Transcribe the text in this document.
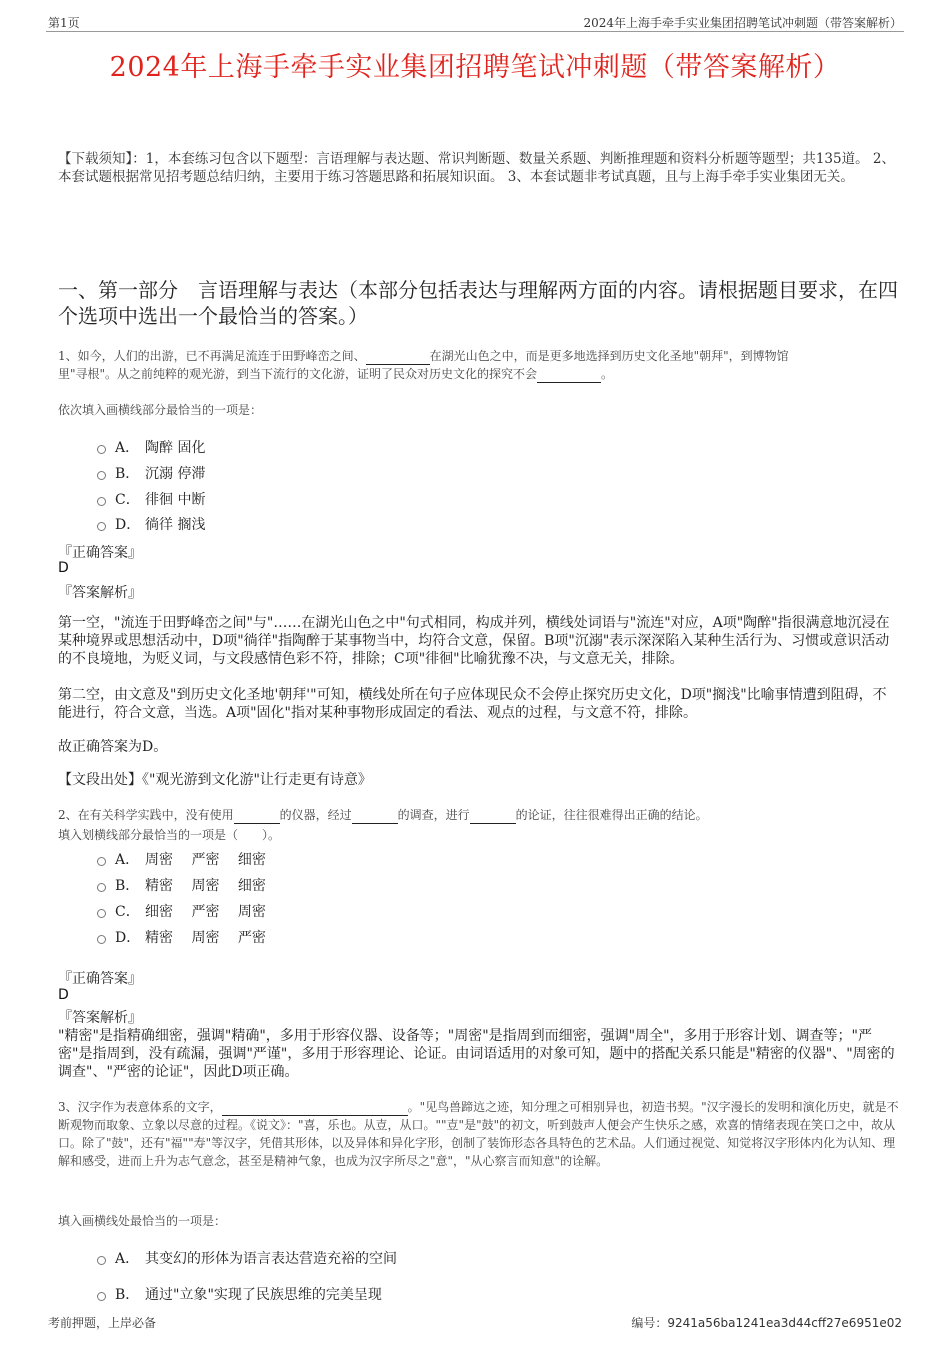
第1页	2024年上海手牵手实业集团招聘笔试冲刺题（带答案解析）
2024年上海手牵手实业集团招聘笔试冲刺题（带答案解析）
【下载须知】：1，本套练习包含以下题型：言语理解与表达题、常识判断题、数量关系题、判断推理题和资料分析题等题型；共135道。 2、本套试题根据常见招考题总结归纳，主要用于练习答题思路和拓展知识面。 3、本套试题非考试真题，且与上海手牵手实业集团无关。
一、第一部分　言语理解与表达（本部分包括表达与理解两方面的内容。请根据题目要求，在四个选项中选出一个最恰当的答案。）
1、如今，人们的出游，已不再满足流连于田野峰峦之间、	在湖光山色之中，而是更多地选择到历史文化圣地"朝拜"，到博物馆
里"寻根"。从之前纯粹的观光游，到当下流行的文化游，证明了民众对历史文化的探究不会	。
依次填入画横线部分最恰当的一项是：
A． 陶醉 固化
B． 沉溺 停滞
C． 徘徊 中断
D． 徜徉 搁浅
『正确答案』
D
『答案解析』
第一空，"流连于田野峰峦之间"与"……在湖光山色之中"句式相同，构成并列，横线处词语与"流连"对应，A项"陶醉"指很满意地沉浸在某种境界或思想活动中，D项"徜徉"指陶醉于某事物当中，均符合文意，保留。B项"沉溺"表示深深陷入某种生活行为、习惯或意识活动的不良境地，为贬义词，与文段感情色彩不符，排除；C项"徘徊"比喻犹豫不决，与文意无关，排除。
第二空，由文意及"到历史文化圣地'朝拜'"可知，横线处所在句子应体现民众不会停止探究历史文化，D项"搁浅"比喻事情遭到阻碍，不能进行，符合文意，当选。A项"固化"指对某种事物形成固定的看法、观点的过程，与文意不符，排除。
故正确答案为D。
【文段出处】《"观光游到文化游"让行走更有诗意》
2、在有关科学实践中，没有使用	的仪器，经过	的调查，进行	的论证，往往很难得出正确的结论。
填入划横线部分最恰当的一项是（　　）。
A． 周密　 严密　 细密
B． 精密　 周密　 细密
C． 细密　 严密　 周密
D． 精密　 周密　 严密
『正确答案』
D
『答案解析』
"精密"是指精确细密，强调"精确"，多用于形容仪器、设备等；"周密"是指周到而细密，强调"周全"，多用于形容计划、调查等；"严密"是指周到，没有疏漏，强调"严谨"，多用于形容理论、论证。由词语适用的对象可知，题中的搭配关系只能是"精密的仪器"、"周密的调查"、"严密的论证"，因此D项正确。
3、汉字作为表意体系的文字，	。"见鸟兽蹄迒之迹，知分理之可相别异也，初造书契。"汉字漫长的发明和演化历史，就是不断观物而取象、立象以尽意的过程。《说文》："喜，乐也。从壴，从口。""壴"是"鼓"的初文，听到鼓声人便会产生快乐之感，欢喜的情绪表现在笑口之中，故从口。除了"鼓"，还有"福""寿"等汉字，凭借其形体，以及异体和异化字形，创制了装饰形态各具特色的艺术品。人们通过视觉、知觉将汉字形体内化为认知、理解和感受，进而上升为志气意念，甚至是精神气象，也成为汉字所尽之"意"，"从心察言而知意"的诠解。
填入画横线处最恰当的一项是：
A． 其变幻的形体为语言表达营造充裕的空间
B． 通过"立象"实现了民族思维的完美呈现
考前押题，上岸必备	编号：9241a56ba1241ea3d44cff27e6951e02
